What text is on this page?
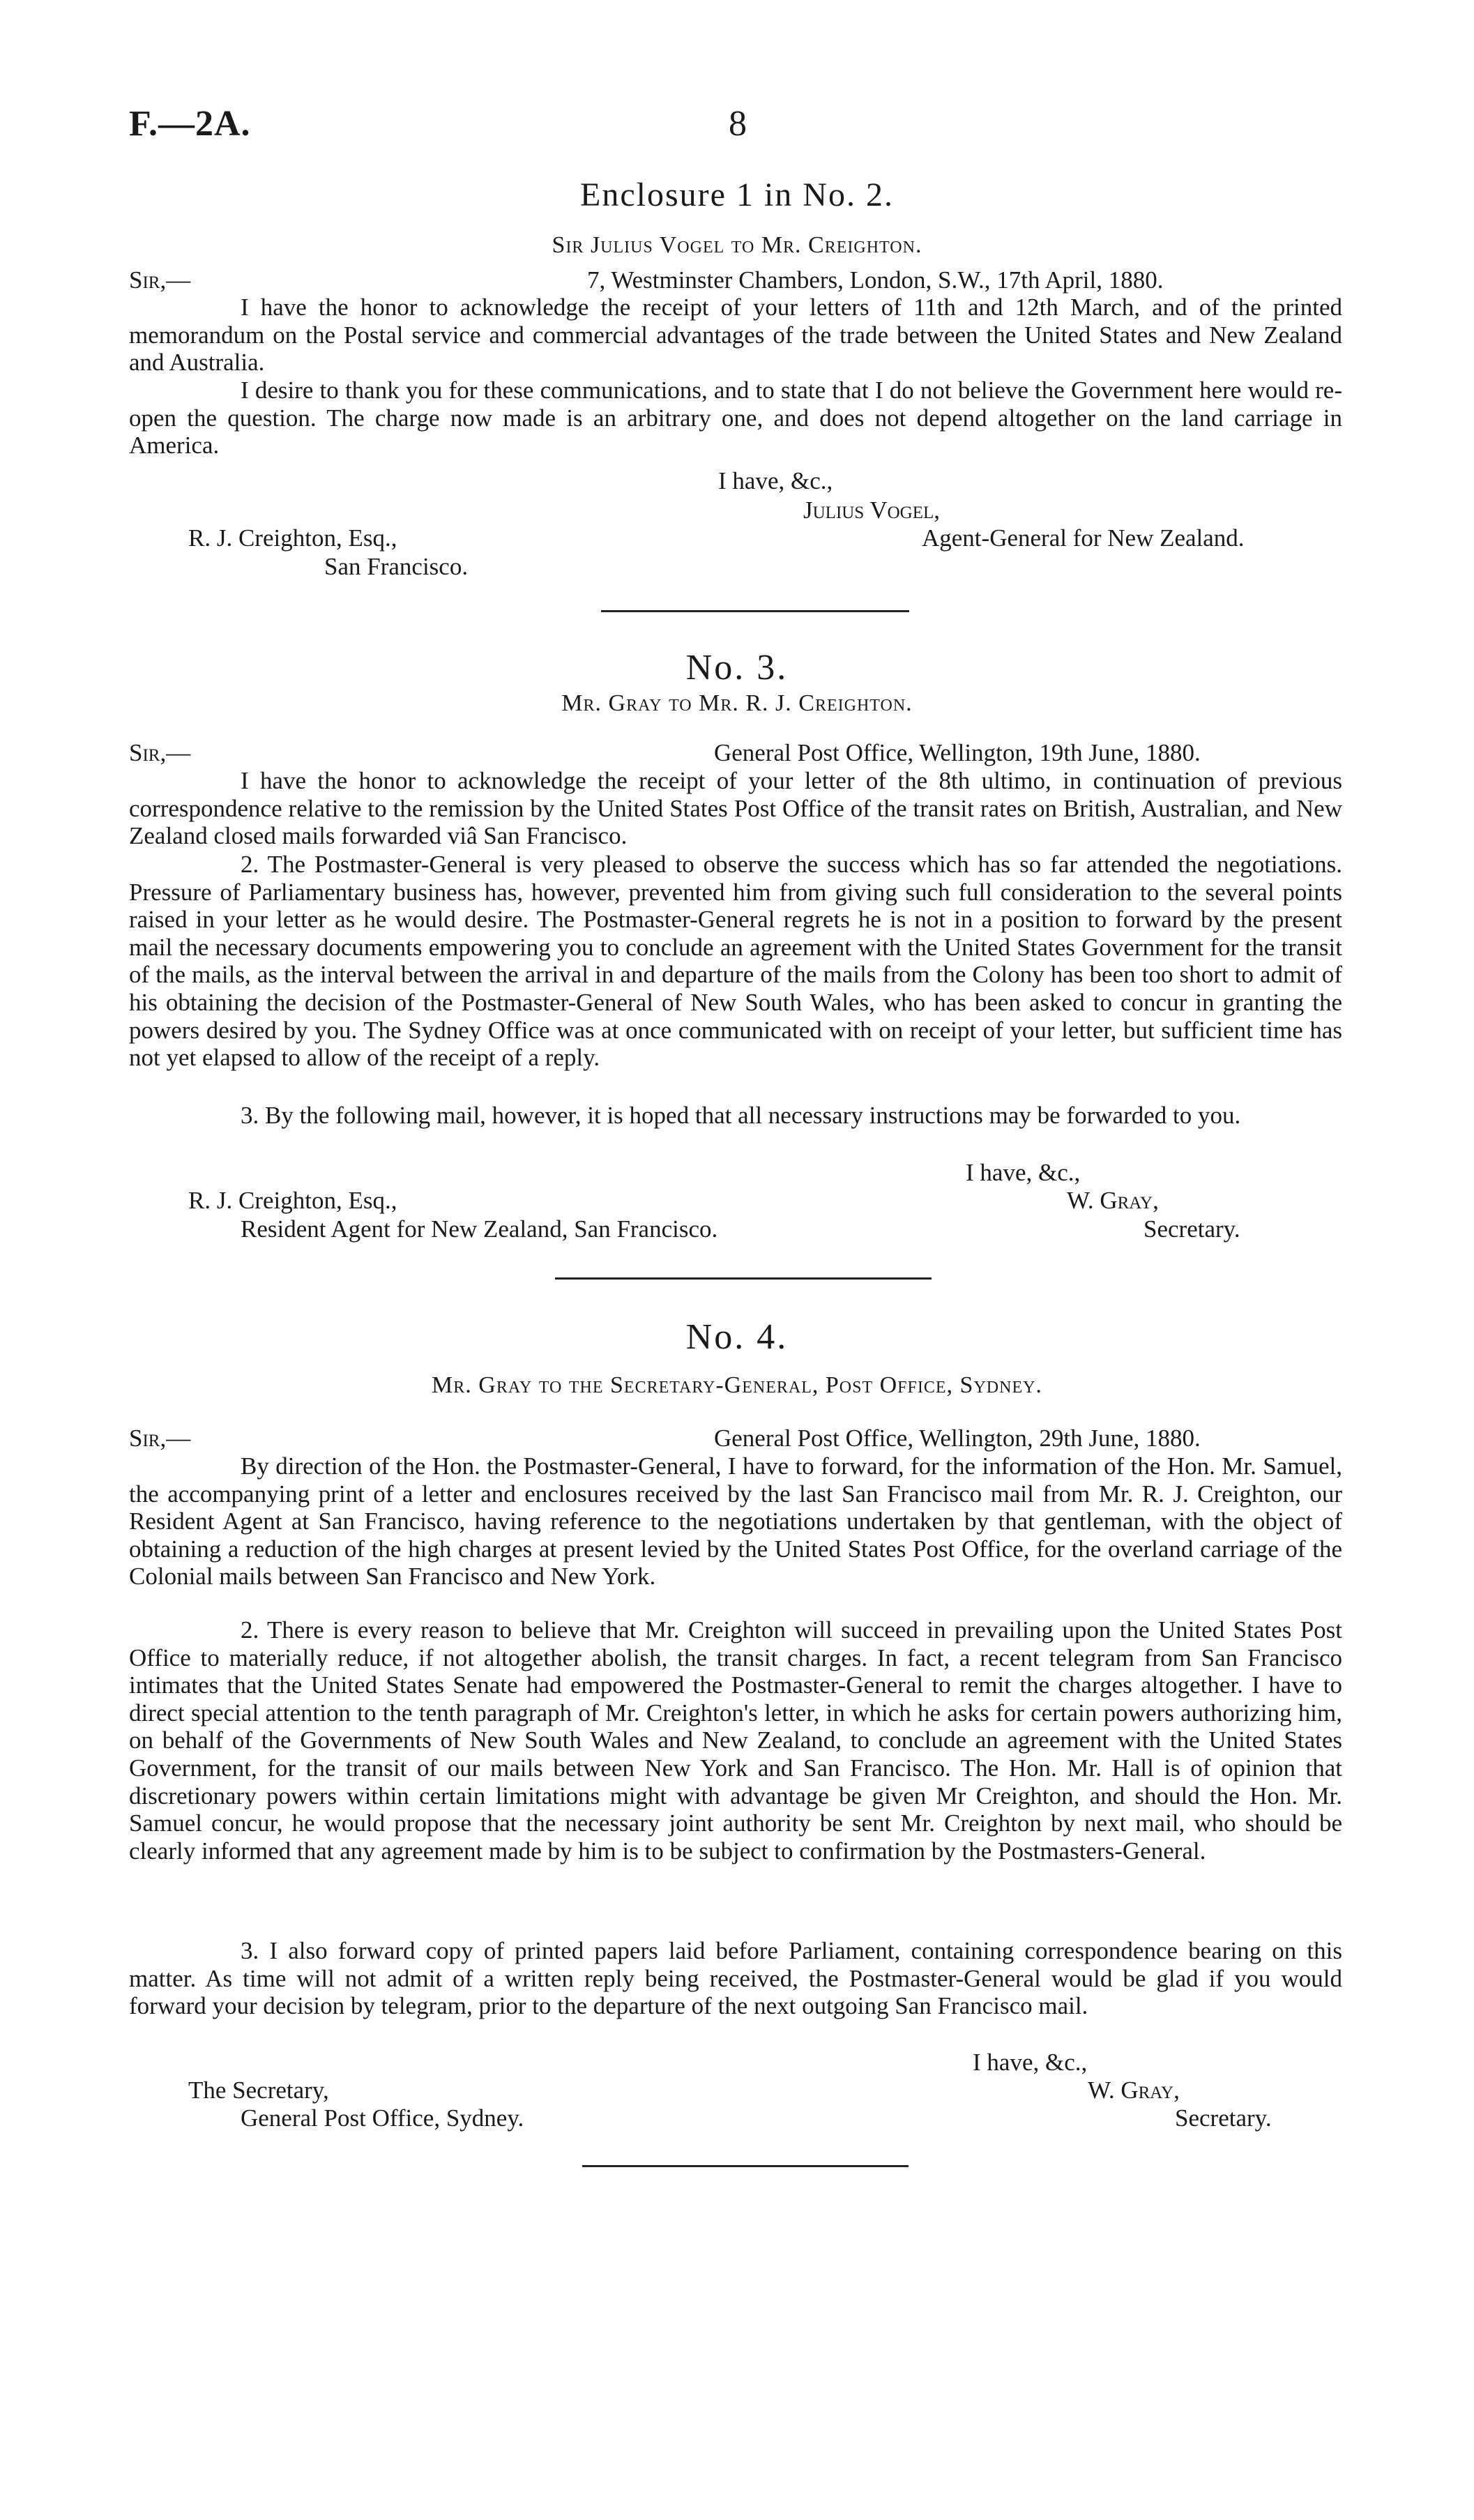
F.—2A.	8
Enclosure 1 in No. 2.
Sir Julius Vogel to Mr. Creighton.
Sir,—	7, Westminster Chambers, London, S.W., 17th April, 1880.
I have the honor to acknowledge the receipt of your letters of 11th and 12th March, and of the printed memorandum on the Postal service and commercial advantages of the trade between the United States and New Zealand and Australia.
I desire to thank you for these communications, and to state that I do not believe the Government here would re-open the question. The charge now made is an arbitrary one, and does not depend altogether on the land carriage in America.
I have, &c.,
Julius Vogel,
Agent-General for New Zealand.
R. J. Creighton, Esq.,
San Francisco.
No. 3.
Mr. Gray to Mr. R. J. Creighton.
Sir,—	General Post Office, Wellington, 19th June, 1880.
I have the honor to acknowledge the receipt of your letter of the 8th ultimo, in continuation of previous correspondence relative to the remission by the United States Post Office of the transit rates on British, Australian, and New Zealand closed mails forwarded viâ San Francisco.
2. The Postmaster-General is very pleased to observe the success which has so far attended the negotiations. Pressure of Parliamentary business has, however, prevented him from giving such full consideration to the several points raised in your letter as he would desire. The Postmaster-General regrets he is not in a position to forward by the present mail the necessary documents empowering you to conclude an agreement with the United States Government for the transit of the mails, as the interval between the arrival in and departure of the mails from the Colony has been too short to admit of his obtaining the decision of the Postmaster-General of New South Wales, who has been asked to concur in granting the powers desired by you. The Sydney Office was at once communicated with on receipt of your letter, but sufficient time has not yet elapsed to allow of the receipt of a reply.
3. By the following mail, however, it is hoped that all necessary instructions may be forwarded to you.
I have, &c.,
W. Gray,
Secretary.
R. J. Creighton, Esq.,
Resident Agent for New Zealand, San Francisco.
No. 4.
Mr. Gray to the Secretary-General, Post Office, Sydney.
Sir,—	General Post Office, Wellington, 29th June, 1880.
By direction of the Hon. the Postmaster-General, I have to forward, for the information of the Hon. Mr. Samuel, the accompanying print of a letter and enclosures received by the last San Francisco mail from Mr. R. J. Creighton, our Resident Agent at San Francisco, having reference to the negotiations undertaken by that gentleman, with the object of obtaining a reduction of the high charges at present levied by the United States Post Office, for the overland carriage of the Colonial mails between San Francisco and New York.
2. There is every reason to believe that Mr. Creighton will succeed in prevailing upon the United States Post Office to materially reduce, if not altogether abolish, the transit charges. In fact, a recent telegram from San Francisco intimates that the United States Senate had empowered the Postmaster-General to remit the charges altogether. I have to direct special attention to the tenth paragraph of Mr. Creighton's letter, in which he asks for certain powers authorizing him, on behalf of the Governments of New South Wales and New Zealand, to conclude an agreement with the United States Government, for the transit of our mails between New York and San Francisco. The Hon. Mr. Hall is of opinion that discretionary powers within certain limitations might with advantage be given Mr Creighton, and should the Hon. Mr. Samuel concur, he would propose that the necessary joint authority be sent Mr. Creighton by next mail, who should be clearly informed that any agreement made by him is to be subject to confirmation by the Postmasters-General.
3. I also forward copy of printed papers laid before Parliament, containing correspondence bearing on this matter. As time will not admit of a written reply being received, the Postmaster-General would be glad if you would forward your decision by telegram, prior to the departure of the next outgoing San Francisco mail.
I have, &c.,
W. Gray,
Secretary.
The Secretary,
General Post Office, Sydney.
